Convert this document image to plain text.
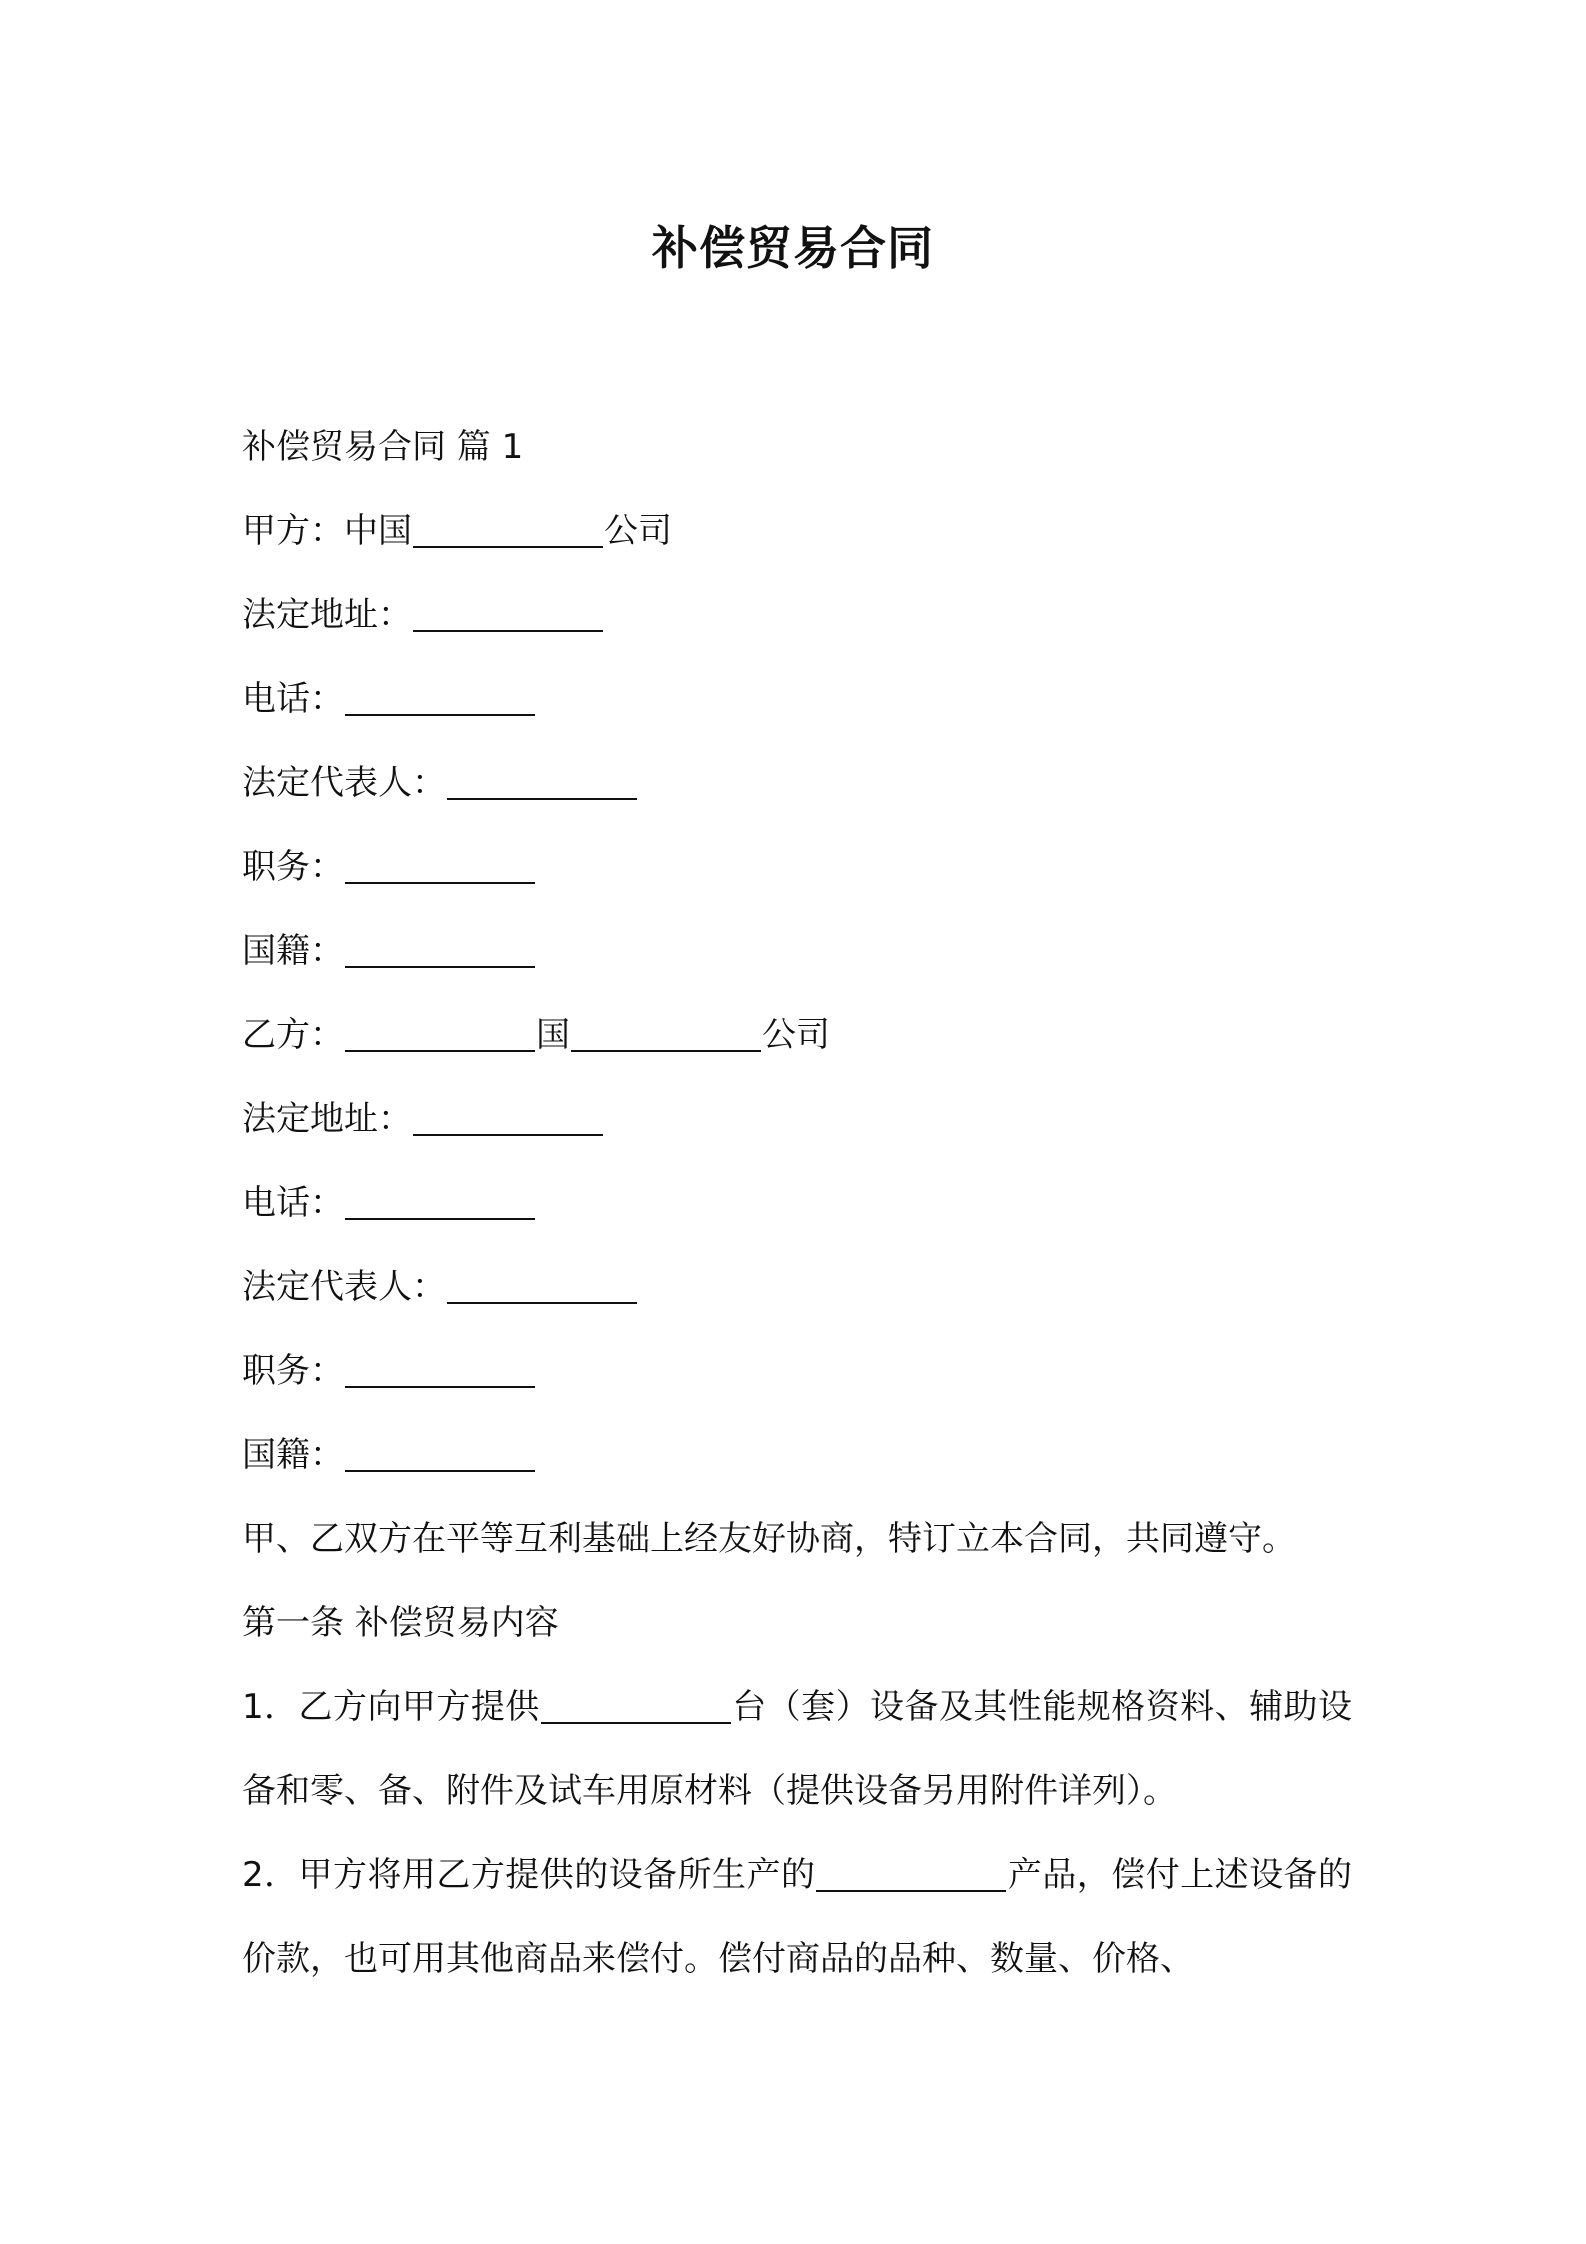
补偿贸易合同
补偿贸易合同 篇 1
甲方：中国	公司
法定地址：
电话：
法定代表人：
职务：
国籍：
乙方：	国	公司
法定地址：
电话：
法定代表人：
职务：
国籍：
甲、乙双方在平等互利基础上经友好协商，特订立本合同，共同遵守。
第一条 补偿贸易内容
1．乙方向甲方提供	台（套）设备及其性能规格资料、辅助设备和零、备、附件及试车用原材料（提供设备另用附件详列）。
2．甲方将用乙方提供的设备所生产的	产品，偿付上述设备的价款，也可用其他商品来偿付。偿付商品的品种、数量、价格、
